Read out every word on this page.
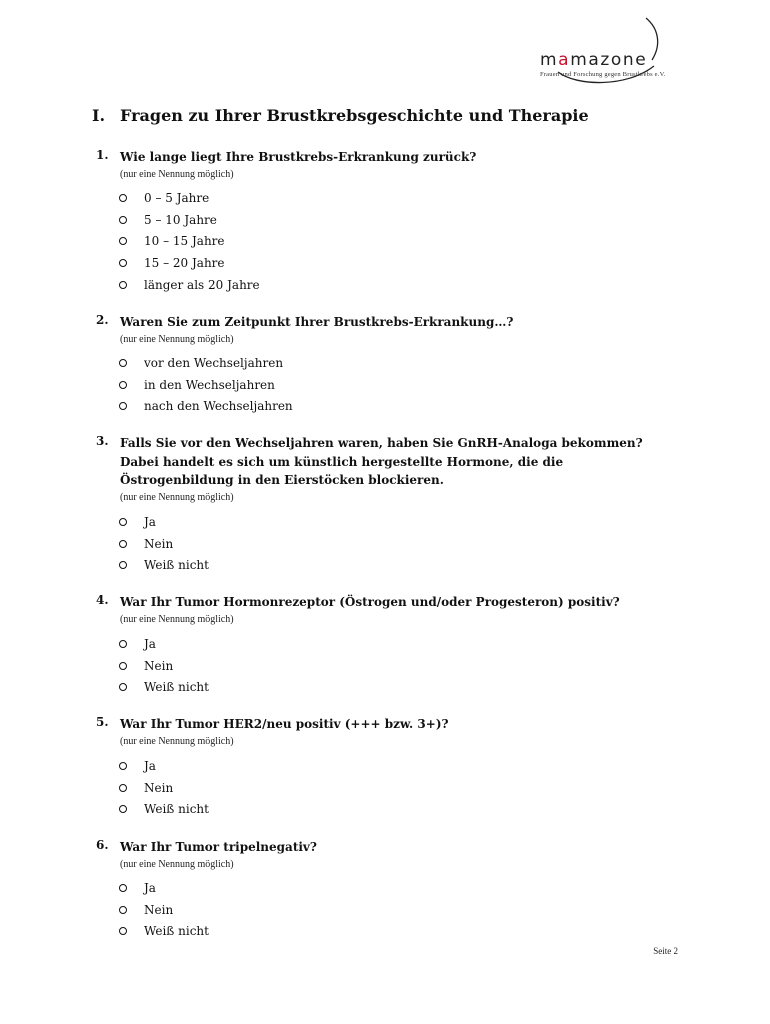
mamazone
Frauen und Forschung gegen Brustkrebs e.V.
I. Fragen zu Ihrer Brustkrebsgeschichte und Therapie
1. Wie lange liegt Ihre Brustkrebs-Erkrankung zurück?
(nur eine Nennung möglich)
0 – 5 Jahre
5 – 10 Jahre
10 – 15 Jahre
15 – 20 Jahre
länger als 20 Jahre
2. Waren Sie zum Zeitpunkt Ihrer Brustkrebs-Erkrankung…?
(nur eine Nennung möglich)
vor den Wechseljahren
in den Wechseljahren
nach den Wechseljahren
3. Falls Sie vor den Wechseljahren waren, haben Sie GnRH-Analoga bekommen? Dabei handelt es sich um künstlich hergestellte Hormone, die die Östrogenbildung in den Eierstöcken blockieren.
(nur eine Nennung möglich)
Ja
Nein
Weiß nicht
4. War Ihr Tumor Hormonrezeptor (Östrogen und/oder Progesteron) positiv?
(nur eine Nennung möglich)
Ja
Nein
Weiß nicht
5. War Ihr Tumor HER2/neu positiv (+++ bzw. 3+)?
(nur eine Nennung möglich)
Ja
Nein
Weiß nicht
6. War Ihr Tumor tripelnegativ?
(nur eine Nennung möglich)
Ja
Nein
Weiß nicht
Seite 2
